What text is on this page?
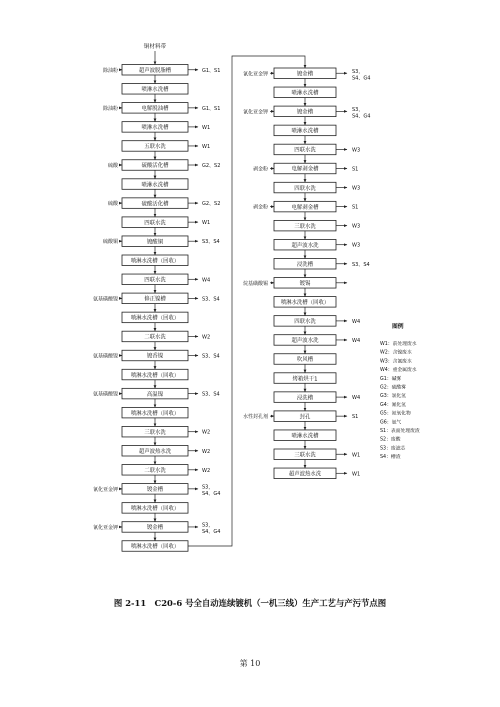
铜材料带
超声波脱脂槽
除油粉	G1、S1
喷淋水洗槽
电解脱油槽
除油粉	G1、S1
喷淋水洗槽	W1
五联水洗	W1
硫酸活化槽
硫酸	G2、S2
喷淋水洗槽
硫酸活化槽
硫酸	G2、S2
四联水洗	W1
镀酸铜
硫酸铜	S3、S4
喷淋水洗槽（回收）
四联水洗	W4
修正镍槽
氨基磺酸镍	S3、S4
喷淋水洗槽（回收）
二联水洗	W2
镀香镍
氨基磺酸镍	S3、S4
喷淋水洗槽（回收）
高温镍
氨基磺酸镍	S3、S4
喷淋水洗槽（回收）
三联水洗	W2
超声波热水洗	W2
二联水洗	W2
镀金槽
氰化亚金钾	S3，
S4、G4
喷淋水洗槽（回收）
镀金槽
氰化亚金钾	S3，
S4、G4
喷淋水洗槽（回收）
镀金槽
氰化亚金钾	S3，
S4、G4
喷淋水洗槽
镀金槽
氰化亚金钾	S3，
S4、G4
喷淋水洗槽
四联水洗	W3
电解剥金槽
剥金粉	S1
四联水洗	W3
电解剥金槽
剥金粉	S1
三联水洗	W3
超声波水洗	W3
浸洗槽	S3、S4
镀锡
烷基磺酸锡
喷淋水洗槽（回收）
四联水洗	W4
超声波水洗	W4
吹风槽
烤箱烘干1
浸洗槽	W4
封孔
水性封孔剂	S1
喷淋水洗槽
三联水洗	W1
超声波热水洗	W1
图例
W1：前处理废水
W2：含镍废水
W3：含氰废水
W4：重金属废水
G1：碱雾
G2：硫酸雾
G3：氯化氢
G4：氰化氢
G5：氮氧化物
G6：氨气
S1：表面处理废渣
S2：废酸
S3：废滤芯
S4：槽渣
图 2-11　C20-6 号全自动连续镀机（一机三线）生产工艺与产污节点图
第 10
